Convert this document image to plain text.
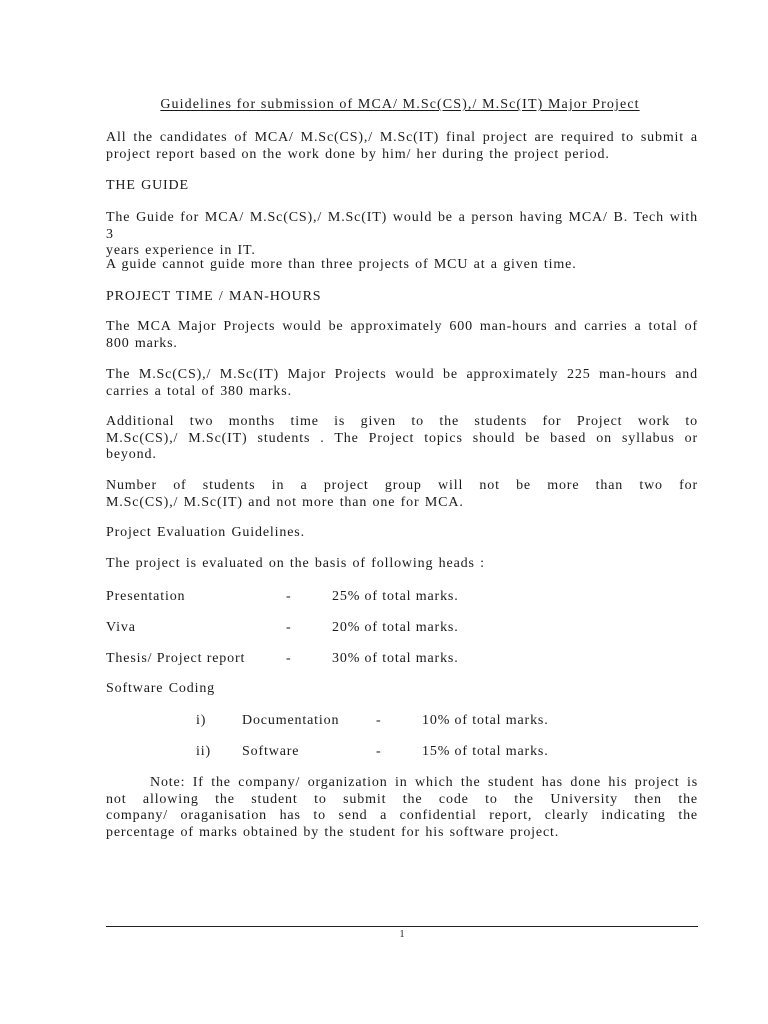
Guidelines for submission of MCA/ M.Sc(CS),/ M.Sc(IT) Major Project
All the candidates of MCA/ M.Sc(CS),/ M.Sc(IT) final project are required to submit a
project report based on the work done by him/ her during the project period.
THE GUIDE
The Guide for MCA/ M.Sc(CS),/ M.Sc(IT) would be a person having MCA/ B. Tech with 3
years experience in IT.
A guide cannot guide more than three projects of MCU at a given time.
PROJECT TIME / MAN-HOURS
The MCA Major Projects would be approximately 600 man-hours and carries a total of
800 marks.
The M.Sc(CS),/ M.Sc(IT) Major Projects would be approximately 225 man-hours and
carries a total of 380 marks.
Additional two months time is given to the students for Project work to
M.Sc(CS),/ M.Sc(IT) students . The Project topics should be based on syllabus or
beyond.
Number of students in a project group will not be more than two for
M.Sc(CS),/ M.Sc(IT) and not more than one for MCA.
Project Evaluation Guidelines.
The project is evaluated on the basis of following heads :
Presentation	-	25% of total marks.
Viva	-	20% of total marks.
Thesis/ Project report	-	30% of total marks.
Software Coding
i)	Documentation	-	10% of total marks.
ii) Software	-	15% of total marks.
Note: If the company/ organization in which the student has done his project is
not allowing the student to submit the code to the University then the
company/ oraganisation has to send a confidential report, clearly indicating the
percentage of marks obtained by the student for his software project.
1
